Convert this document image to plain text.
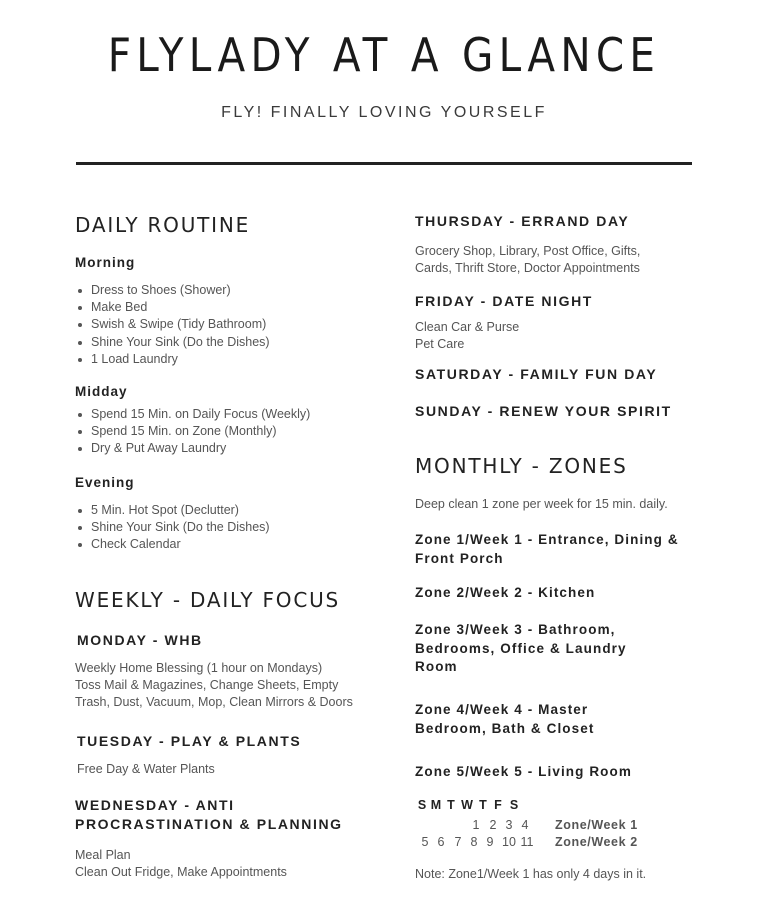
FLYLADY AT A GLANCE
FLY! FINALLY LOVING YOURSELF
DAILY ROUTINE
Morning
Dress to Shoes (Shower)
Make Bed
Swish & Swipe (Tidy Bathroom)
Shine Your Sink (Do the Dishes)
1 Load Laundry
Midday
Spend 15 Min. on Daily Focus (Weekly)
Spend 15 Min. on Zone (Monthly)
Dry & Put Away Laundry
Evening
5 Min. Hot Spot (Declutter)
Shine Your Sink (Do the Dishes)
Check Calendar
WEEKLY - DAILY FOCUS
MONDAY - WHB
Weekly Home Blessing (1 hour on Mondays)
Toss Mail & Magazines, Change Sheets, Empty
Trash, Dust, Vacuum, Mop, Clean Mirrors & Doors
TUESDAY - PLAY & PLANTS
Free Day & Water Plants
WEDNESDAY - ANTI
PROCRASTINATION & PLANNING
Meal Plan
Clean Out Fridge, Make Appointments
THURSDAY - ERRAND DAY
Grocery Shop, Library, Post Office, Gifts,
Cards, Thrift Store, Doctor Appointments
FRIDAY - DATE NIGHT
Clean Car & Purse
Pet Care
SATURDAY - FAMILY FUN DAY
SUNDAY - RENEW YOUR SPIRIT
MONTHLY - ZONES
Deep clean 1 zone per week for 15 min. daily.
Zone 1/Week 1 - Entrance, Dining &
Front Porch
Zone 2/Week 2 - Kitchen
Zone 3/Week 3 - Bathroom,
Bedrooms, Office & Laundry
Room
Zone 4/Week 4 - Master
Bedroom, Bath & Closet
Zone 5/Week 5 - Living Room
Note: Zone1/Week 1 has only 4 days in it.
S M T W T F S
1 2 3 4 Zone/Week 1
5 6 7 8 9 10 11 Zone/Week 2
